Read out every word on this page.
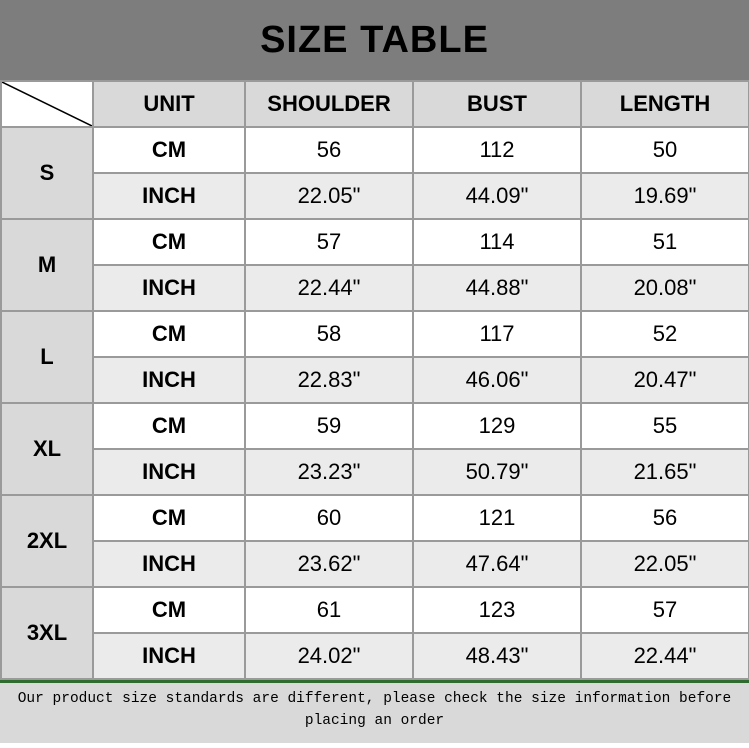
SIZE TABLE
	UNIT	SHOULDER	BUST	LENGTH
S	CM	56	112	50
	INCH	22.05"	44.09"	19.69"
M	CM	57	114	51
	INCH	22.44"	44.88"	20.08"
L	CM	58	117	52
	INCH	22.83"	46.06"	20.47"
XL	CM	59	129	55
	INCH	23.23"	50.79"	21.65"
2XL	CM	60	121	56
	INCH	23.62"	47.64"	22.05"
3XL	CM	61	123	57
	INCH	24.02"	48.43"	22.44"
Our product size standards are different, please check the size information before placing an order
